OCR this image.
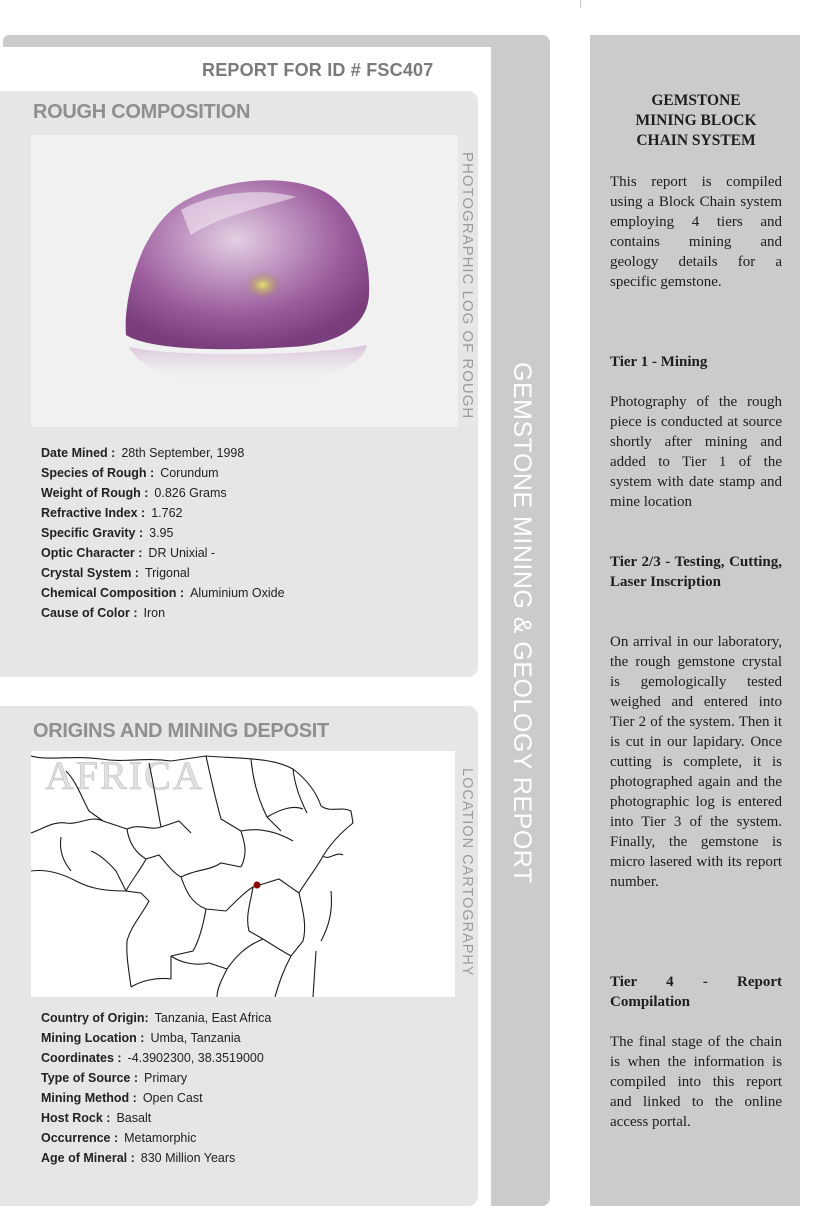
GEMSTONE MINING & GEOLOGY REPORT
REPORT FOR ID # FSC407
ROUGH COMPOSITION
PHOTOGRAPHIC LOG OF ROUGH
Date Mined : 28th September, 1998
Species of Rough : Corundum
Weight of Rough : 0.826 Grams
Refractive Index : 1.762
Specific Gravity : 3.95
Optic Character : DR Unixial -
Crystal System : Trigonal
Chemical Composition : Aluminium Oxide
Cause of Color : Iron
ORIGINS AND MINING DEPOSIT
AFRICA	LOCATION CARTOGRAPHY
Country of Origin: Tanzania, East Africa
Mining Location : Umba, Tanzania
Coordinates : -4.3902300, 38.3519000
Type of Source : Primary
Mining Method : Open Cast
Host Rock : Basalt
Occurrence : Metamorphic
Age of Mineral : 830 Million Years
GEMSTONE
MINING BLOCK
CHAIN SYSTEM
This report is compiled using a Block Chain system employing 4 tiers and contains mining and geology details for a specific gemstone.
Tier 1 - Mining
Photography of the rough piece is conducted at source shortly after mining and added to Tier 1 of the system with date stamp and mine location
Tier 2/3 - Testing, Cutting, Laser Inscription
On arrival in our laboratory, the rough gemstone crystal is gemologically tested weighed and entered into Tier 2 of the system. Then it is cut in our lapidary. Once cutting is complete, it is photographed again and the photographic log is entered into Tier 3 of the system. Finally, the gemstone is micro lasered with its report number.
Tier 4 - Report Compilation
The final stage of the chain is when the information is compiled into this report and linked to the online access portal.
